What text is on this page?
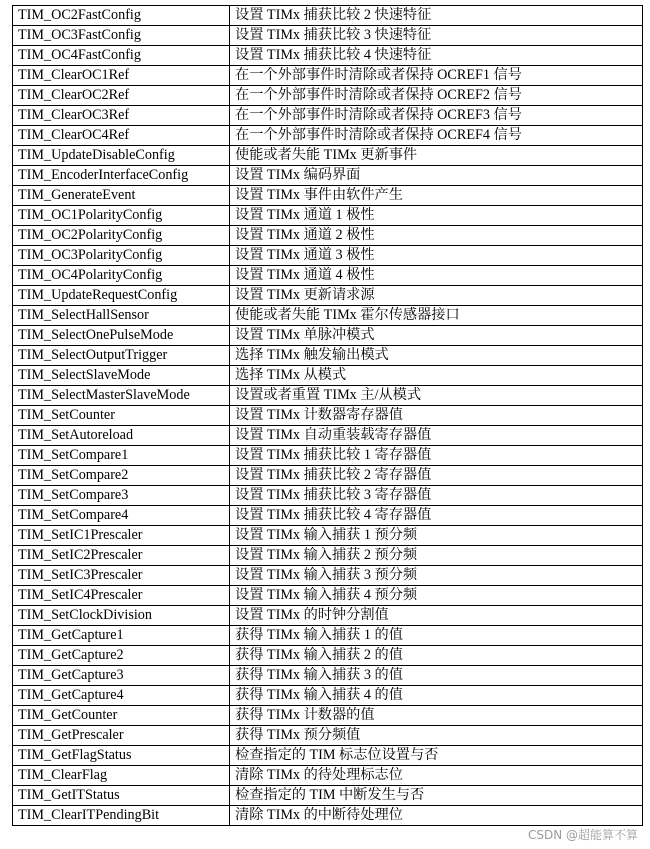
TIM_OC2FastConfig	设置 TIMx 捕获比较 2 快速特征
TIM_OC3FastConfig	设置 TIMx 捕获比较 3 快速特征
TIM_OC4FastConfig	设置 TIMx 捕获比较 4 快速特征
TIM_ClearOC1Ref	在一个外部事件时清除或者保持 OCREF1 信号
TIM_ClearOC2Ref	在一个外部事件时清除或者保持 OCREF2 信号
TIM_ClearOC3Ref	在一个外部事件时清除或者保持 OCREF3 信号
TIM_ClearOC4Ref	在一个外部事件时清除或者保持 OCREF4 信号
TIM_UpdateDisableConfig	使能或者失能 TIMx 更新事件
TIM_EncoderInterfaceConfig	设置 TIMx 编码界面
TIM_GenerateEvent	设置 TIMx 事件由软件产生
TIM_OC1PolarityConfig	设置 TIMx 通道 1 极性
TIM_OC2PolarityConfig	设置 TIMx 通道 2 极性
TIM_OC3PolarityConfig	设置 TIMx 通道 3 极性
TIM_OC4PolarityConfig	设置 TIMx 通道 4 极性
TIM_UpdateRequestConfig	设置 TIMx 更新请求源
TIM_SelectHallSensor	使能或者失能 TIMx 霍尔传感器接口
TIM_SelectOnePulseMode	设置 TIMx 单脉冲模式
TIM_SelectOutputTrigger	选择 TIMx 触发输出模式
TIM_SelectSlaveMode	选择 TIMx 从模式
TIM_SelectMasterSlaveMode	设置或者重置 TIMx 主/从模式
TIM_SetCounter	设置 TIMx 计数器寄存器值
TIM_SetAutoreload	设置 TIMx 自动重装载寄存器值
TIM_SetCompare1	设置 TIMx 捕获比较 1 寄存器值
TIM_SetCompare2	设置 TIMx 捕获比较 2 寄存器值
TIM_SetCompare3	设置 TIMx 捕获比较 3 寄存器值
TIM_SetCompare4	设置 TIMx 捕获比较 4 寄存器值
TIM_SetIC1Prescaler	设置 TIMx 输入捕获 1 预分频
TIM_SetIC2Prescaler	设置 TIMx 输入捕获 2 预分频
TIM_SetIC3Prescaler	设置 TIMx 输入捕获 3 预分频
TIM_SetIC4Prescaler	设置 TIMx 输入捕获 4 预分频
TIM_SetClockDivision	设置 TIMx 的时钟分割值
TIM_GetCapture1	获得 TIMx 输入捕获 1 的值
TIM_GetCapture2	获得 TIMx 输入捕获 2 的值
TIM_GetCapture3	获得 TIMx 输入捕获 3 的值
TIM_GetCapture4	获得 TIMx 输入捕获 4 的值
TIM_GetCounter	获得 TIMx 计数器的值
TIM_GetPrescaler	获得 TIMx 预分频值
TIM_GetFlagStatus	检查指定的 TIM 标志位设置与否
TIM_ClearFlag	清除 TIMx 的待处理标志位
TIM_GetITStatus	检查指定的 TIM 中断发生与否
TIM_ClearITPendingBit	清除 TIMx 的中断待处理位
CSDN @超能算不算
